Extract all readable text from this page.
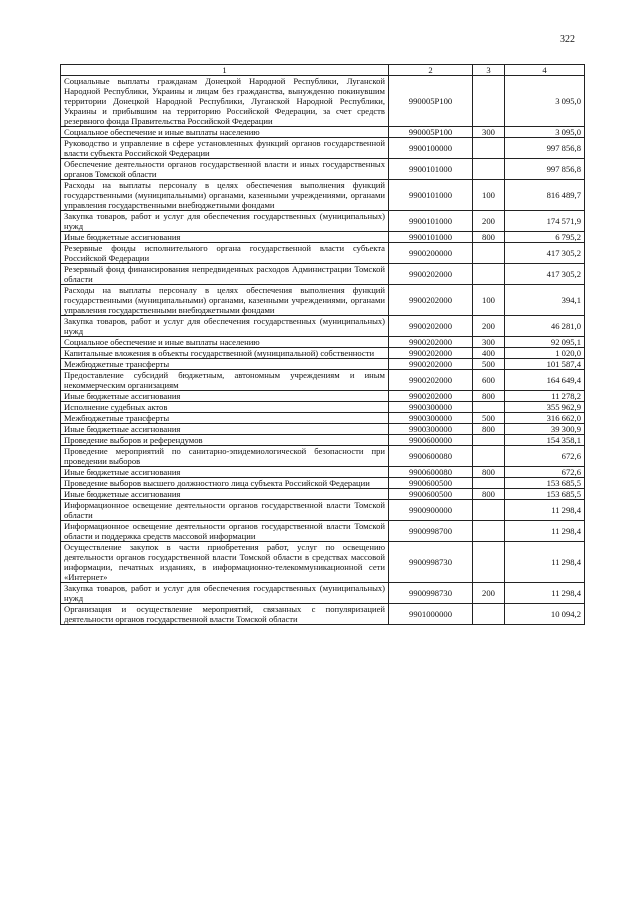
322
1	2	3	4
Социальные выплаты гражданам Донецкой Народной Республики, Луганской Народной Республики, Украины и лицам без гражданства, вынужденно покинувшим территории Донецкой Народной Республики, Луганской Народной Республики, Украины и прибывшим на территорию Российской Федерации, за счет средств резервного фонда Правительства Российской Федерации	990005Р100		3 095,0
Социальное обеспечение и иные выплаты населению	990005Р100	300	3 095,0
Руководство и управление в сфере установленных функций органов государственной власти субъекта Российской Федерации	9900100000		997 856,8
Обеспечение деятельности органов государственной власти и иных государственных органов Томской области	9900101000		997 856,8
Расходы на выплаты персоналу в целях обеспечения выполнения функций государственными (муниципальными) органами, казенными учреждениями, органами управления государственными внебюджетными фондами	9900101000	100	816 489,7
Закупка товаров, работ и услуг для обеспечения государственных (муниципальных) нужд	9900101000	200	174 571,9
Иные бюджетные ассигнования	9900101000	800	6 795,2
Резервные фонды исполнительного органа государственной власти субъекта Российской Федерации	9900200000		417 305,2
Резервный фонд финансирования непредвиденных расходов Администрации Томской области	9900202000		417 305,2
Расходы на выплаты персоналу в целях обеспечения выполнения функций государственными (муниципальными) органами, казенными учреждениями, органами управления государственными внебюджетными фондами	9900202000	100	394,1
Закупка товаров, работ и услуг для обеспечения государственных (муниципальных) нужд	9900202000	200	46 281,0
Социальное обеспечение и иные выплаты населению	9900202000	300	92 095,1
Капитальные вложения в объекты государственной (муниципальной) собственности	9900202000	400	1 020,0
Межбюджетные трансферты	9900202000	500	101 587,4
Предоставление субсидий бюджетным, автономным учреждениям и иным некоммерческим организациям	9900202000	600	164 649,4
Иные бюджетные ассигнования	9900202000	800	11 278,2
Исполнение судебных актов	9900300000		355 962,9
Межбюджетные трансферты	9900300000	500	316 662,0
Иные бюджетные ассигнования	9900300000	800	39 300,9
Проведение выборов и референдумов	9900600000		154 358,1
Проведение мероприятий по санитарно-эпидемиологической безопасности при проведении выборов	9900600080		672,6
Иные бюджетные ассигнования	9900600080	800	672,6
Проведение выборов высшего должностного лица субъекта Российской Федерации	9900600500		153 685,5
Иные бюджетные ассигнования	9900600500	800	153 685,5
Информационное освещение деятельности органов государственной власти Томской области	9900900000		11 298,4
Информационное освещение деятельности органов государственной власти Томской области и поддержка средств массовой информации	9900998700		11 298,4
Осуществление закупок в части приобретения работ, услуг по освещению деятельности органов государственной власти Томской области в средствах массовой информации, печатных изданиях, в информационно-телекоммуникационной сети «Интернет»	9900998730		11 298,4
Закупка товаров, работ и услуг для обеспечения государственных (муниципальных) нужд	9900998730	200	11 298,4
Организация и осуществление мероприятий, связанных с популяризацией деятельности органов государственной власти Томской области	9901000000		10 094,2
